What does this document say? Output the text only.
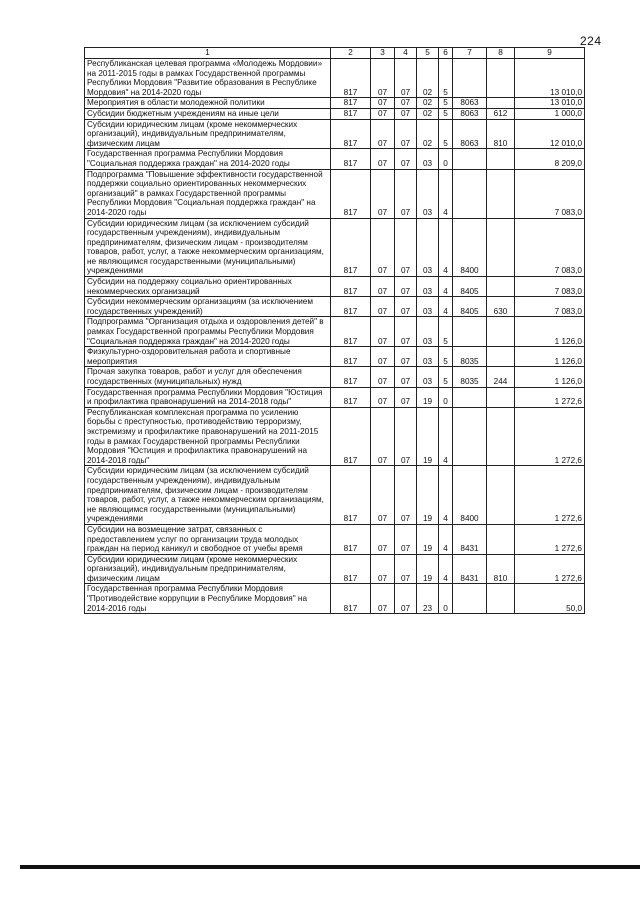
224
1	2	3	4	5	6	7	8	9
Республиканская целевая программа «Молодежь Мордовии» на 2011-2015 годы в рамках Государственной программы Республики Мордовия "Развитие образования в Республике Мордовия" на 2014-2020 годы	817	07	07	02	5			13 010,0
Мероприятия в области молодежной политики	817	07	07	02	5	8063		13 010,0
Субсидии бюджетным учреждениям на иные цели	817	07	07	02	5	8063	612	1 000,0
Субсидии юридическим лицам (кроме некоммерческих организаций), индивидуальным предпринимателям, физическим лицам	817	07	07	02	5	8063	810	12 010,0
Государственная программа Республики Мордовия "Социальная поддержка граждан" на 2014-2020 годы	817	07	07	03	0			8 209,0
Подпрограмма "Повышение эффективности государственной поддержки социально ориентированных некоммерческих организаций" в рамках Государственной программы Республики Мордовия "Социальная поддержка граждан" на 2014-2020 годы	817	07	07	03	4			7 083,0
Субсидии юридическим лицам (за исключением субсидий государственным учреждениям), индивидуальным предпринимателям, физическим лицам - производителям товаров, работ, услуг, а также некоммерческим организациям, не являющимся государственными (муниципальными) учреждениями	817	07	07	03	4	8400		7 083,0
Субсидии на поддержку социально ориентированных некоммерческих организаций	817	07	07	03	4	8405		7 083,0
Субсидии некоммерческим организациям (за исключением государственных учреждений)	817	07	07	03	4	8405	630	7 083,0
Подпрограмма "Организация отдыха и оздоровления детей" в рамках Государственной программы Республики Мордовия "Социальная поддержка граждан" на 2014-2020 годы	817	07	07	03	5			1 126,0
Физкультурно-оздоровительная работа и спортивные мероприятия	817	07	07	03	5	8035		1 126,0
Прочая закупка товаров, работ и услуг для обеспечения государственных (муниципальных) нужд	817	07	07	03	5	8035	244	1 126,0
Государственная программа Республики Мордовия "Юстиция и профилактика правонарушений на 2014-2018 годы"	817	07	07	19	0			1 272,6
Республиканская комплексная программа по усилению борьбы с преступностью, противодействию терроризму, экстремизму и профилактике правонарушений на 2011-2015 годы в рамках Государственной программы Республики Мордовия "Юстиция и профилактика правонарушений на 2014-2018 годы"	817	07	07	19	4			1 272,6
Субсидии юридическим лицам (за исключением субсидий государственным учреждениям), индивидуальным предпринимателям, физическим лицам - производителям товаров, работ, услуг, а также некоммерческим организациям, не являющимся государственными (муниципальными) учреждениями	817	07	07	19	4	8400		1 272,6
Субсидии на возмещение затрат, связанных с предоставлением услуг по организации труда молодых граждан на период каникул и свободное от учебы время	817	07	07	19	4	8431		1 272,6
Субсидии юридическим лицам (кроме некоммерческих организаций), индивидуальным предпринимателям, физическим лицам	817	07	07	19	4	8431	810	1 272,6
Государственная программа Республики Мордовия "Противодействие коррупции в Республике Мордовия" на 2014-2016 годы	817	07	07	23	0			50,0
